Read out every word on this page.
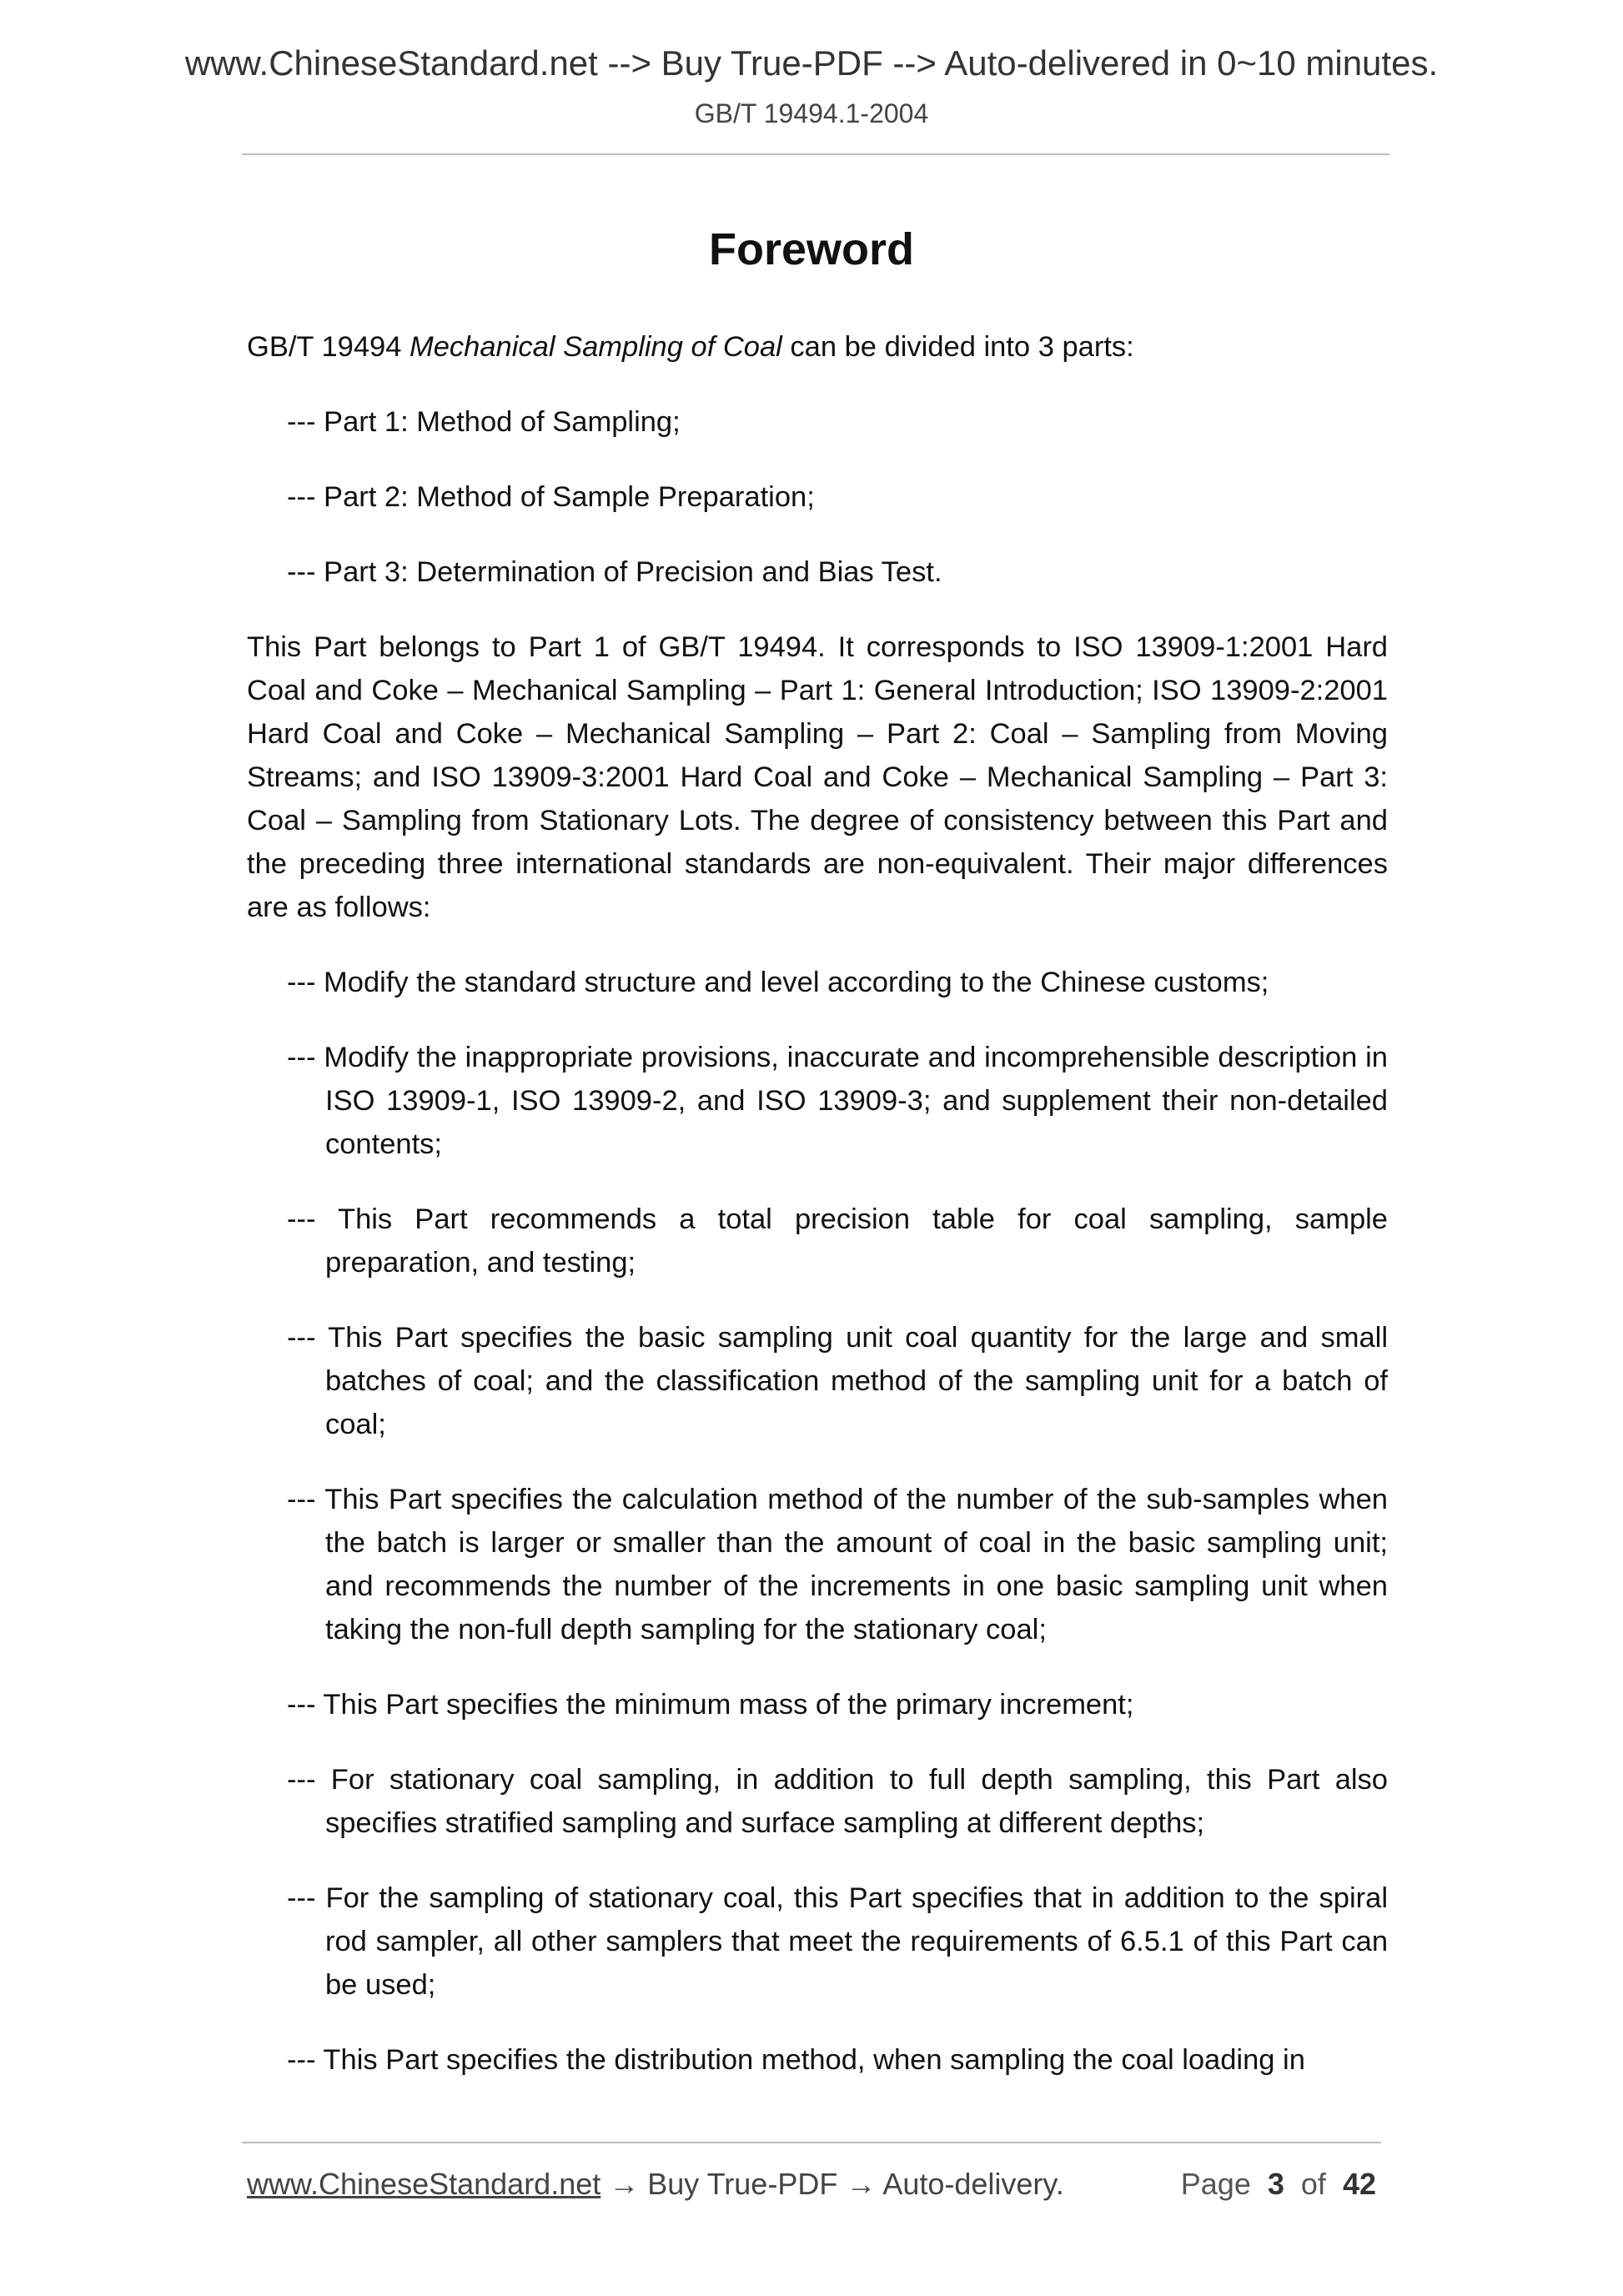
www.ChineseStandard.net --> Buy True-PDF --> Auto-delivered in 0~10 minutes.
GB/T 19494.1-2004
Foreword

GB/T 19494 Mechanical Sampling of Coal can be divided into 3 parts:

--- Part 1: Method of Sampling;
--- Part 2: Method of Sample Preparation;
--- Part 3: Determination of Precision and Bias Test.

This Part belongs to Part 1 of GB/T 19494. It corresponds to ISO 13909-1:2001 Hard Coal and Coke – Mechanical Sampling – Part 1: General Introduction; ISO 13909-2:2001 Hard Coal and Coke – Mechanical Sampling – Part 2: Coal – Sampling from Moving Streams; and ISO 13909-3:2001 Hard Coal and Coke – Mechanical Sampling – Part 3: Coal – Sampling from Stationary Lots. The degree of consistency between this Part and the preceding three international standards are non-equivalent. Their major differences are as follows:

--- Modify the standard structure and level according to the Chinese customs;
--- Modify the inappropriate provisions, inaccurate and incomprehensible description in ISO 13909-1, ISO 13909-2, and ISO 13909-3; and supplement their non-detailed contents;
--- This Part recommends a total precision table for coal sampling, sample preparation, and testing;
--- This Part specifies the basic sampling unit coal quantity for the large and small batches of coal; and the classification method of the sampling unit for a batch of coal;
--- This Part specifies the calculation method of the number of the sub-samples when the batch is larger or smaller than the amount of coal in the basic sampling unit; and recommends the number of the increments in one basic sampling unit when taking the non-full depth sampling for the stationary coal;
--- This Part specifies the minimum mass of the primary increment;
--- For stationary coal sampling, in addition to full depth sampling, this Part also specifies stratified sampling and surface sampling at different depths;
--- For the sampling of stationary coal, this Part specifies that in addition to the spiral rod sampler, all other samplers that meet the requirements of 6.5.1 of this Part can be used;
--- This Part specifies the distribution method, when sampling the coal loading in
www.ChineseStandard.net → Buy True-PDF → Auto-delivery.	Page 3 of 42
